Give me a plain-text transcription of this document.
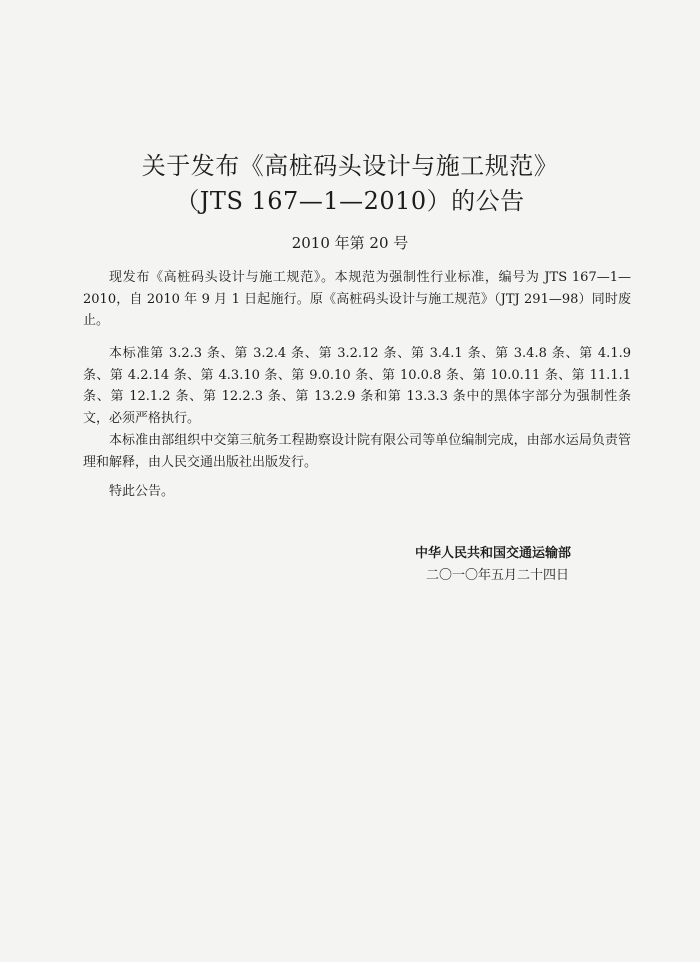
关于发布《高桩码头设计与施工规范》
（JTS 167—1—2010）的公告
2010 年第 20 号

现发布《高桩码头设计与施工规范》。本规范为强制性行业标准，编号为 JTS 167—1—2010，自 2010 年 9 月 1 日起施行。原《高桩码头设计与施工规范》（JTJ 291—98）同时废止。

本标准第 3.2.3 条、第 3.2.4 条、第 3.2.12 条、第 3.4.1 条、第 3.4.8 条、第 4.1.9 条、第 4.2.14 条、第 4.3.10 条、第 9.0.10 条、第 10.0.8 条、第 10.0.11 条、第 11.1.1 条、第 12.1.2 条、第 12.2.3 条、第 13.2.9 条和第 13.3.3 条中的黑体字部分为强制性条文，必须严格执行。

本标准由部组织中交第三航务工程勘察设计院有限公司等单位编制完成，由部水运局负责管理和解释，由人民交通出版社出版发行。

特此公告。

中华人民共和国交通运输部
二〇一〇年五月二十四日
